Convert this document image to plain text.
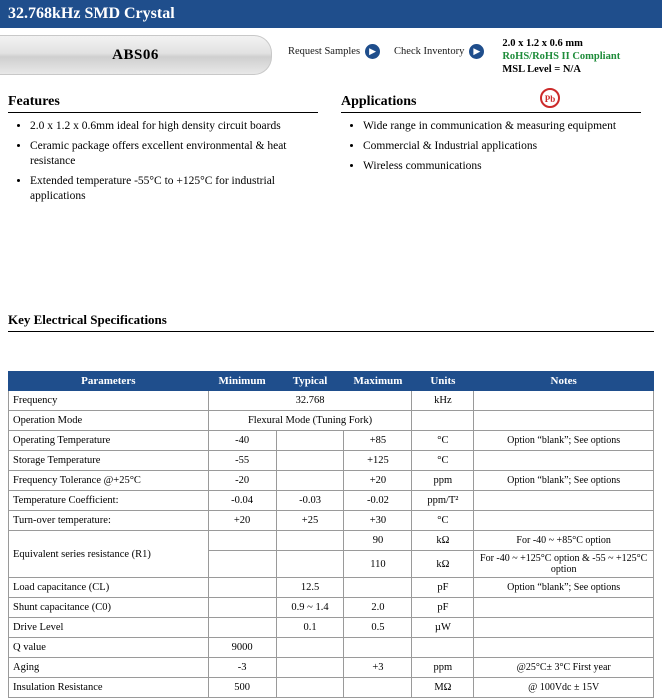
32.768kHz SMD Crystal
ABS06	Request Samples	▶	Check Inventory	▶
2.0 x 1.2 x 0.6 mm
RoHS/RoHS II Compliant
MSL Level = N/A
Pb
Features
• 2.0 x 1.2 x 0.6mm ideal for high density circuit boards
• Ceramic package offers excellent environmental & heat resistance
• Extended temperature -55°C to +125°C for industrial applications
Applications
• Wide range in communication & measuring equipment
• Commercial & Industrial applications
• Wireless communications
Key Electrical Specifications
Parameters	Minimum	Typical	Maximum	Units	Notes
Frequency	32.768			kHz	
Operation Mode	Flexural Mode (Tuning Fork)				
Operating Temperature	-40		+85	°C	Option “blank”; See options
Storage Temperature	-55		+125	°C	
Frequency Tolerance @+25°C	-20		+20	ppm	Option “blank”; See options
Temperature Coefficient:	-0.04	-0.03	-0.02	ppm/T²	
Turn-over temperature:	+20	+25	+30	°C	
Equivalent series resistance (R1)			90	kΩ	For -40 ~ +85°C option
			110	kΩ	For -40 ~ +125°C option & -55 ~ +125°C option
Load capacitance (CL)		12.5		pF	Option “blank”; See options
Shunt capacitance (C0)		0.9 ~ 1.4	2.0	pF	
Drive Level		0.1	0.5	µW	
Q value	9000				
Aging	-3		+3	ppm	@25°C± 3°C First year
Insulation Resistance	500			MΩ	@ 100Vdc ± 15V
